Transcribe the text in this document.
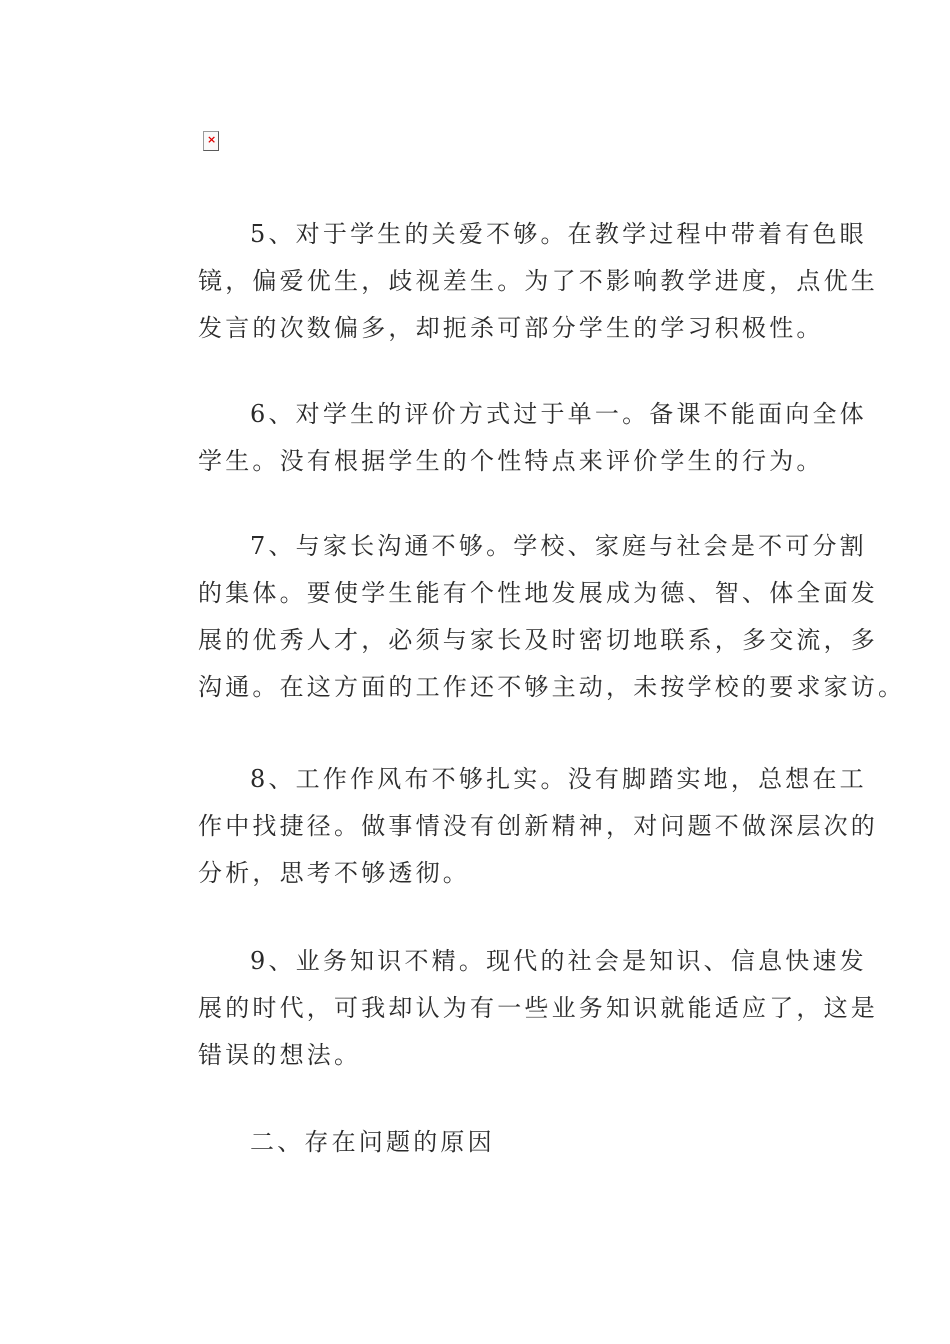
×
5、对于学生的关爱不够。在教学过程中带着有色眼
镜，偏爱优生，歧视差生。为了不影响教学进度，点优生
发言的次数偏多，却扼杀可部分学生的学习积极性。
6、对学生的评价方式过于单一。备课不能面向全体
学生。没有根据学生的个性特点来评价学生的行为。
7、与家长沟通不够。学校、家庭与社会是不可分割
的集体。要使学生能有个性地发展成为德、智、体全面发
展的优秀人才，必须与家长及时密切地联系，多交流，多
沟通。在这方面的工作还不够主动，未按学校的要求家访。
8、工作作风布不够扎实。没有脚踏实地，总想在工
作中找捷径。做事情没有创新精神，对问题不做深层次的
分析，思考不够透彻。
9、业务知识不精。现代的社会是知识、信息快速发
展的时代，可我却认为有一些业务知识就能适应了，这是
错误的想法。
二、存在问题的原因
